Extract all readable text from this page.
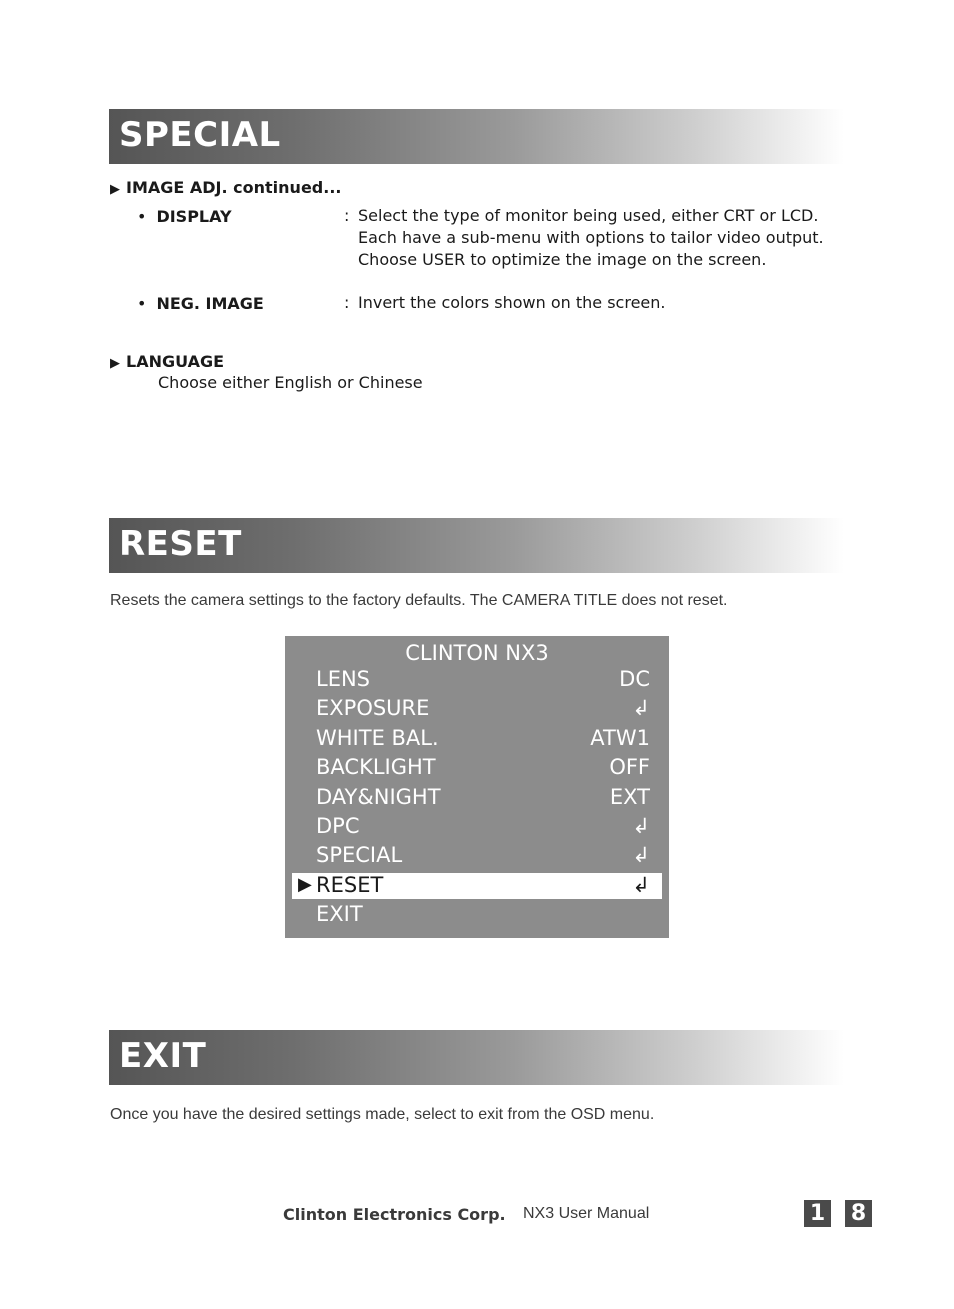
SPECIAL
▶ IMAGE ADJ. continued...
• DISPLAY	: Select the type of monitor being used, either CRT or LCD. Each have a sub-menu with options to tailor video output. Choose USER to optimize the image on the screen.
• NEG. IMAGE	: Invert the colors shown on the screen.
▶ LANGUAGE
Choose either English or Chinese
RESET
Resets the camera settings to the factory defaults. The CAMERA TITLE does not reset.
CLINTON NX3
LENS	DC
EXPOSURE	↲
WHITE BAL.	ATW1
BACKLIGHT	OFF
DAY&NIGHT	EXT
DPC	↲
SPECIAL	↲
▶ RESET	↲
EXIT
EXIT
Once you have the desired settings made, select to exit from the OSD menu.
Clinton Electronics Corp. NX3 User Manual	1 8
